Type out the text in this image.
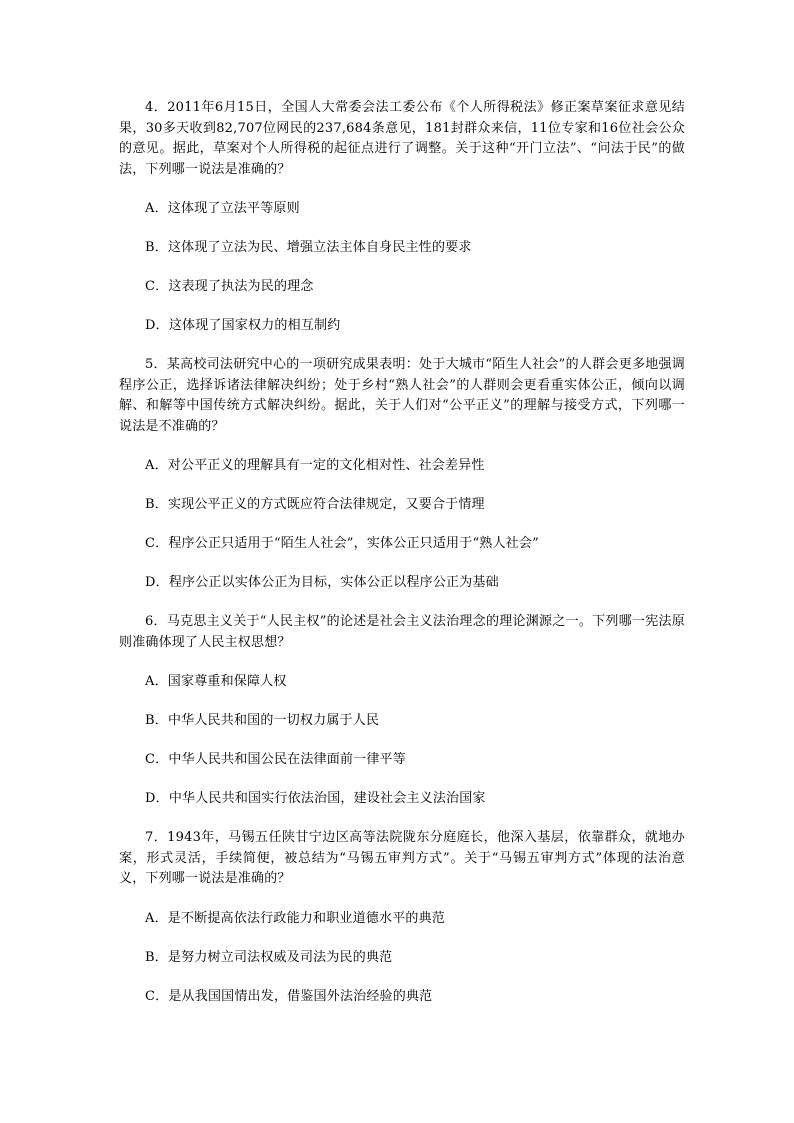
4．2011年6月15日，全国人大常委会法工委公布《个人所得税法》修正案草案征求意见结果，30多天收到82,707位网民的237,684条意见，181封群众来信，11位专家和16位社会公众的意见。据此，草案对个人所得税的起征点进行了调整。关于这种“开门立法”、“问法于民”的做法，下列哪一说法是准确的？

A．这体现了立法平等原则
B．这体现了立法为民、增强立法主体自身民主性的要求
C．这表现了执法为民的理念
D．这体现了国家权力的相互制约

5．某高校司法研究中心的一项研究成果表明：处于大城市“陌生人社会”的人群会更多地强调程序公正，选择诉诸法律解决纠纷；处于乡村“熟人社会”的人群则会更看重实体公正，倾向以调解、和解等中国传统方式解决纠纷。据此，关于人们对“公平正义”的理解与接受方式，下列哪一说法是不准确的？

A．对公平正义的理解具有一定的文化相对性、社会差异性
B．实现公平正义的方式既应符合法律规定，又要合于情理
C．程序公正只适用于“陌生人社会”，实体公正只适用于“熟人社会”
D．程序公正以实体公正为目标，实体公正以程序公正为基础

6．马克思主义关于“人民主权”的论述是社会主义法治理念的理论渊源之一。下列哪一宪法原则准确体现了人民主权思想？

A．国家尊重和保障人权
B．中华人民共和国的一切权力属于人民
C．中华人民共和国公民在法律面前一律平等
D．中华人民共和国实行依法治国，建设社会主义法治国家

7．1943年，马锡五任陕甘宁边区高等法院陇东分庭庭长，他深入基层，依靠群众，就地办案，形式灵活，手续简便，被总结为“马锡五审判方式”。关于“马锡五审判方式”体现的法治意义，下列哪一说法是准确的？

A．是不断提高依法行政能力和职业道德水平的典范
B．是努力树立司法权威及司法为民的典范
C．是从我国国情出发，借鉴国外法治经验的典范
